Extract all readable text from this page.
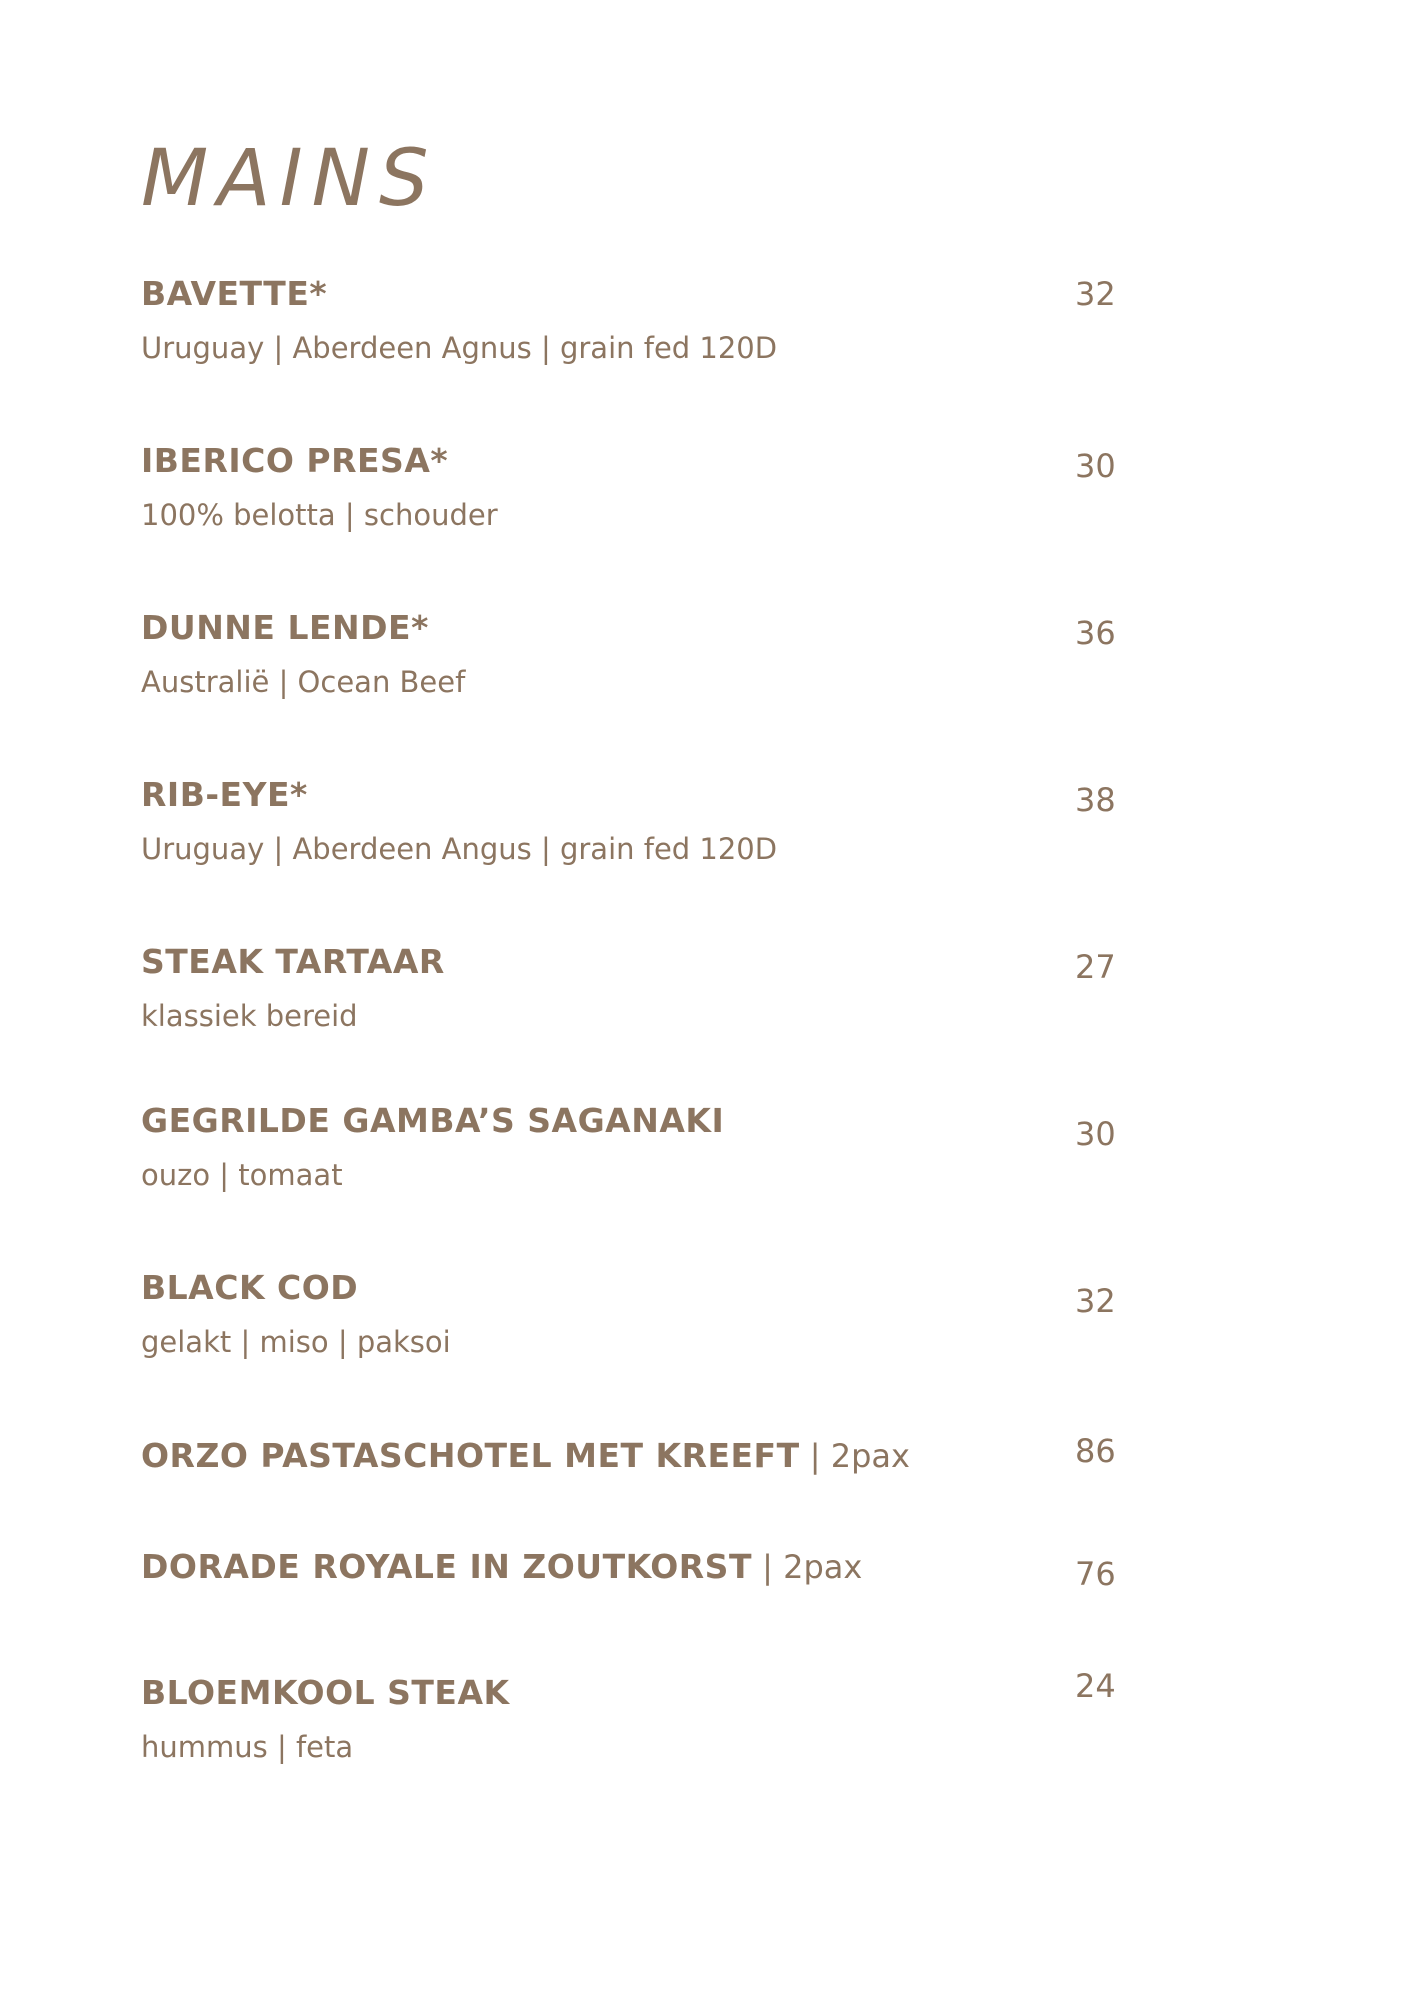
MAINS
BAVETTE*
Uruguay | Aberdeen Agnus | grain fed 120D
32
IBERICO PRESA*
100% belotta | schouder
30
DUNNE LENDE*
Australië | Ocean Beef
36
RIB-EYE*
Uruguay | Aberdeen Angus | grain fed 120D
38
STEAK TARTAAR
klassiek bereid
27
GEGRILDE GAMBA’S SAGANAKI
ouzo | tomaat
30
BLACK COD
gelakt | miso | paksoi
32
ORZO PASTASCHOTEL MET KREEFT | 2pax	86
DORADE ROYALE IN ZOUTKORST | 2pax	76
BLOEMKOOL STEAK
hummus | feta
24
